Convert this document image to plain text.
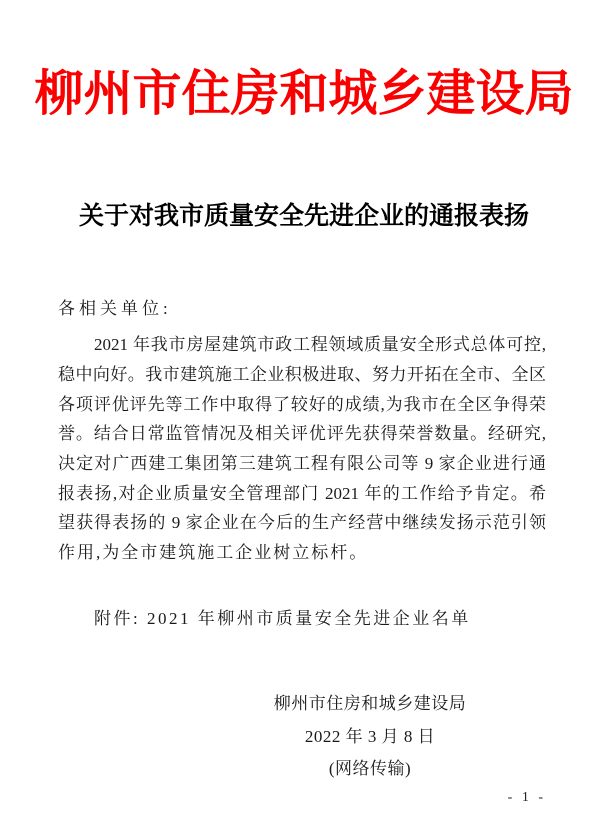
柳州市住房和城乡建设局
关于对我市质量安全先进企业的通报表扬
各相关单位:
2021 年我市房屋建筑市政工程领域质量安全形式总体可控,
稳中向好。我市建筑施工企业积极进取、努力开拓在全市、全区
各项评优评先等工作中取得了较好的成绩,为我市在全区争得荣
誉。结合日常监管情况及相关评优评先获得荣誉数量。经研究,
决定对广西建工集团第三建筑工程有限公司等 9 家企业进行通
报表扬,对企业质量安全管理部门 2021 年的工作给予肯定。希
望获得表扬的 9 家企业在今后的生产经营中继续发扬示范引领
作用,为全市建筑施工企业树立标杆。
附件: 2021 年柳州市质量安全先进企业名单
柳州市住房和城乡建设局
2022 年 3 月 8 日
(网络传输)
- 1 -
